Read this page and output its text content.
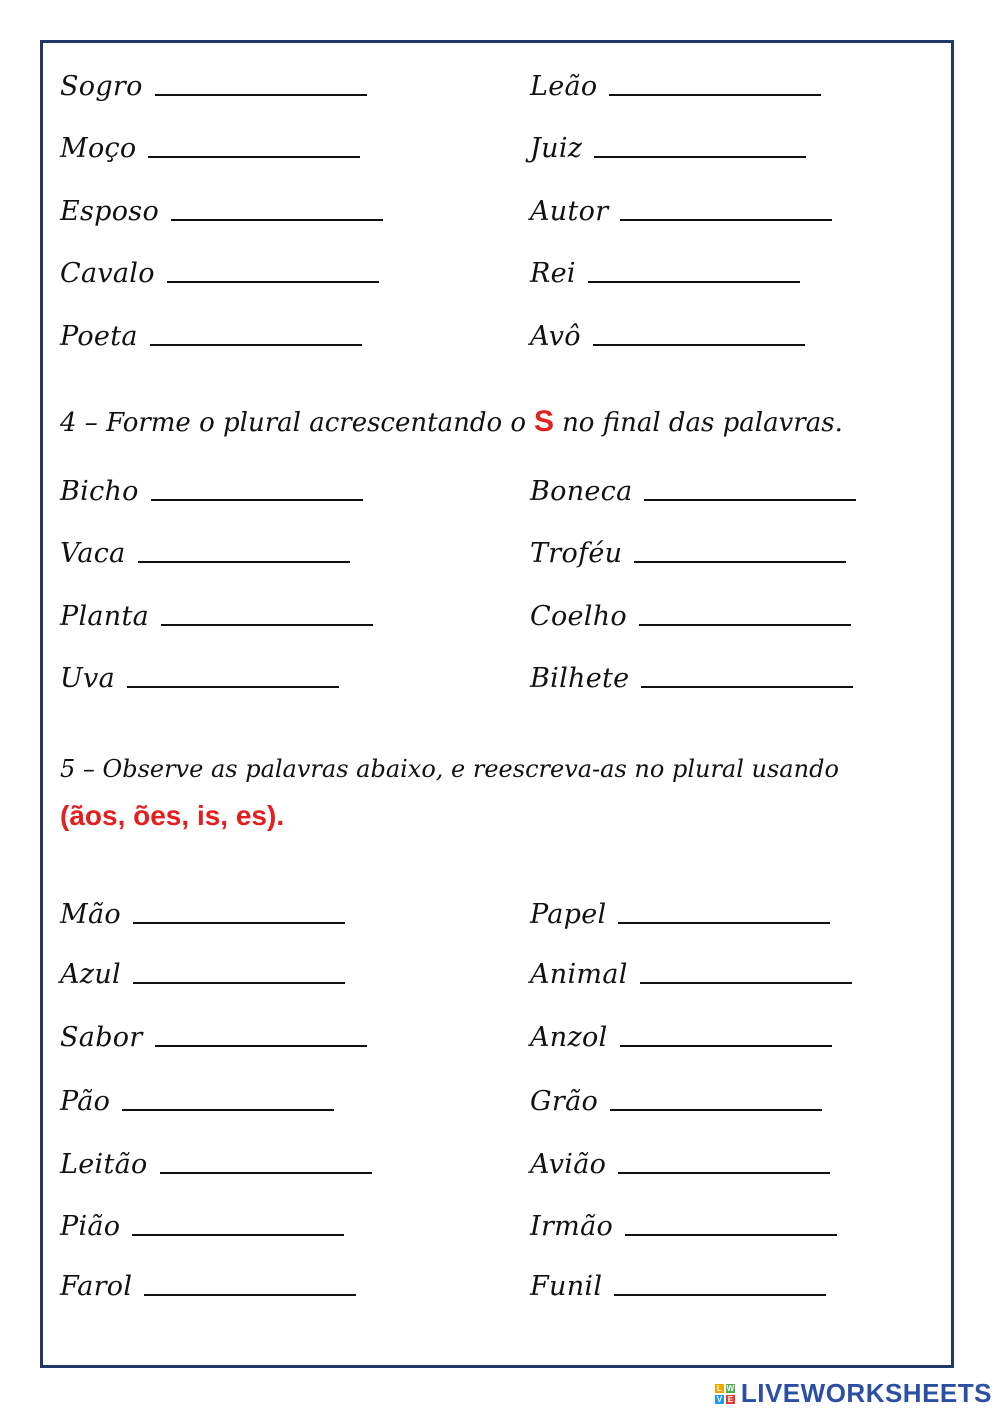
Sogro	Leão
Moço	Juiz
Esposo	Autor
Cavalo	Rei
Poeta	Avô
4 – Forme o plural acrescentando o S no final das palavras.
Bicho	Boneca
Vaca	Troféu
Planta	Coelho
Uva	Bilhete
5 – Observe as palavras abaixo, e reescreva-as no plural usando
(ãos, ões, is, es).
Mão	Papel
Azul	Animal
Sabor	Anzol
Pão	Grão
Leitão	Avião
Pião	Irmão
Farol	Funil
L W
V E LIVEWORKSHEETS
